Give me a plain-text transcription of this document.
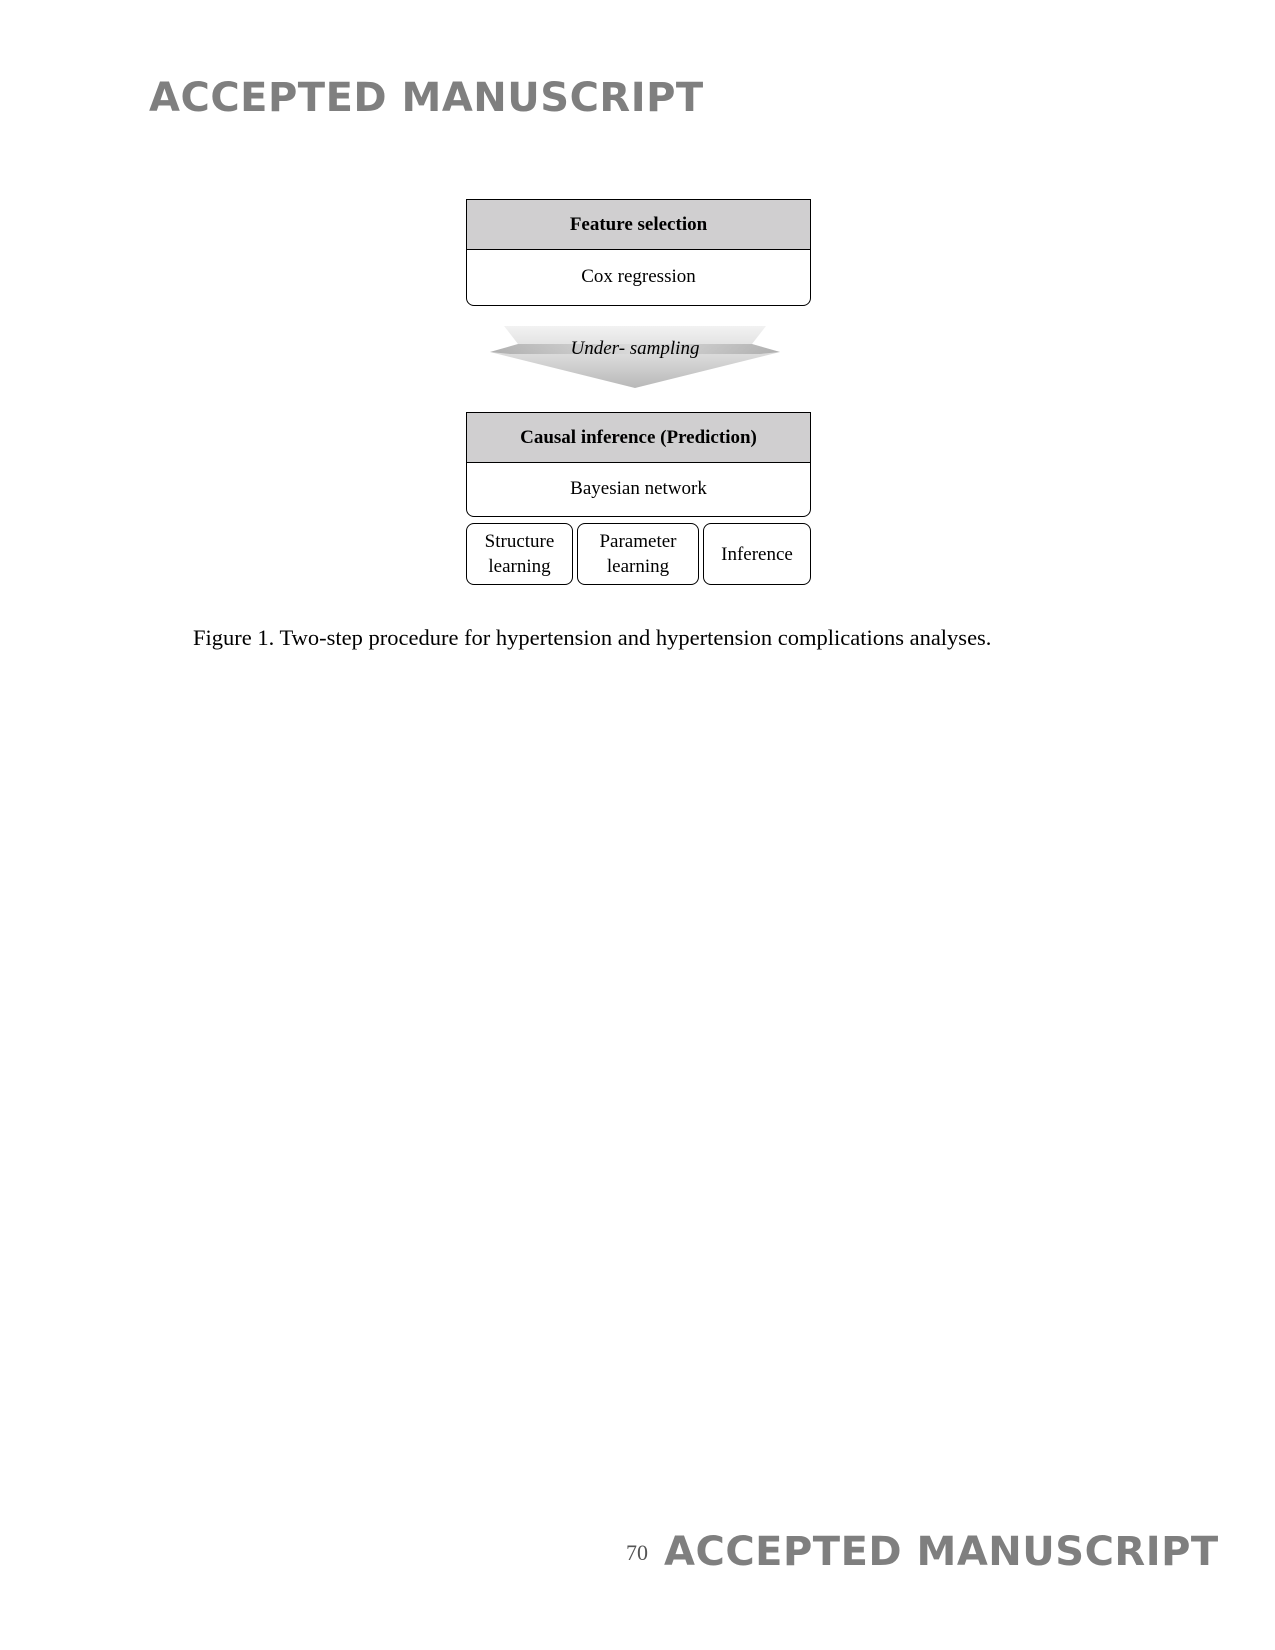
ACCEPTED MANUSCRIPT
Feature selection
Cox regression
Under- sampling
Causal inference (Prediction)
Bayesian network
Structure
learning
Parameter
learning
Inference
Figure 1. Two-step procedure for hypertension and hypertension complications analyses.
70 ACCEPTED MANUSCRIPT
